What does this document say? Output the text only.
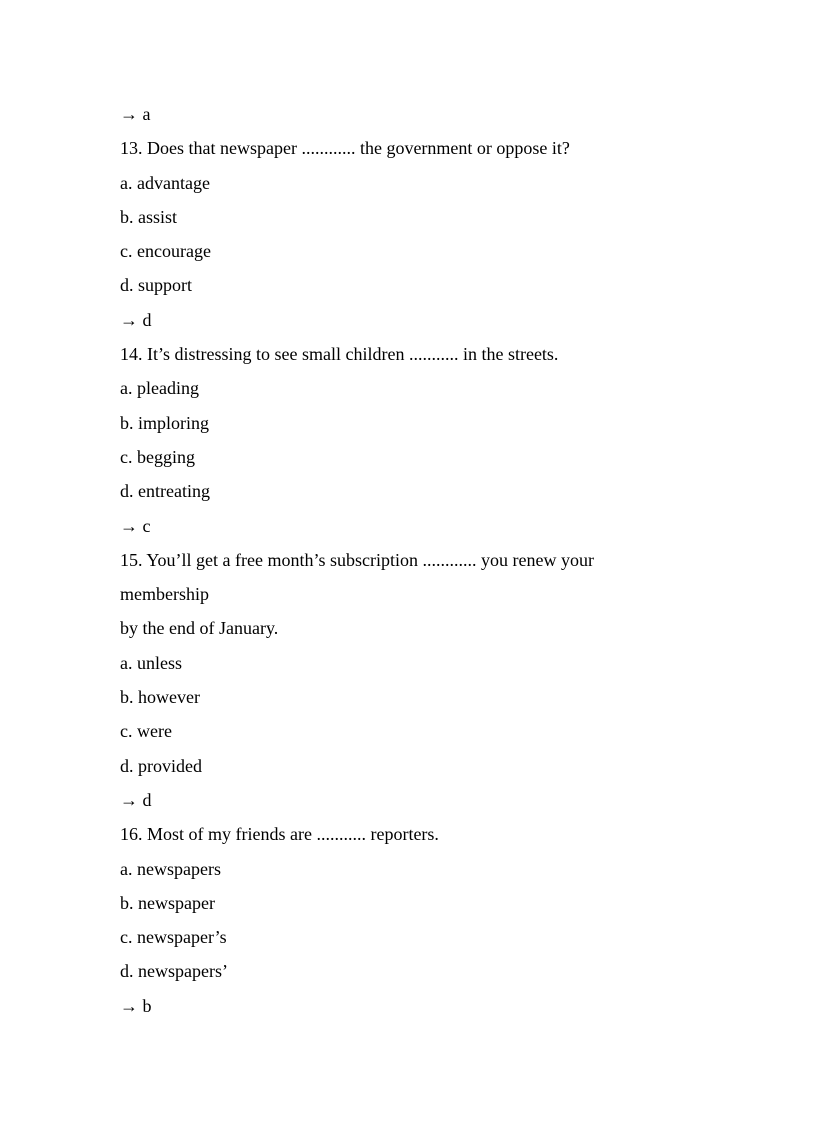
→ a
13. Does that newspaper ............ the government or oppose it?
a. advantage
b. assist
c. encourage
d. support
→ d
14. It’s distressing to see small children ........... in the streets.
a. pleading
b. imploring
c. begging
d. entreating
→ c
15. You’ll get a free month’s subscription ............ you renew your
membership
by the end of January.
a. unless
b. however
c. were
d. provided
→ d
16. Most of my friends are ........... reporters.
a. newspapers
b. newspaper
c. newspaper’s
d. newspapers’
→ b
